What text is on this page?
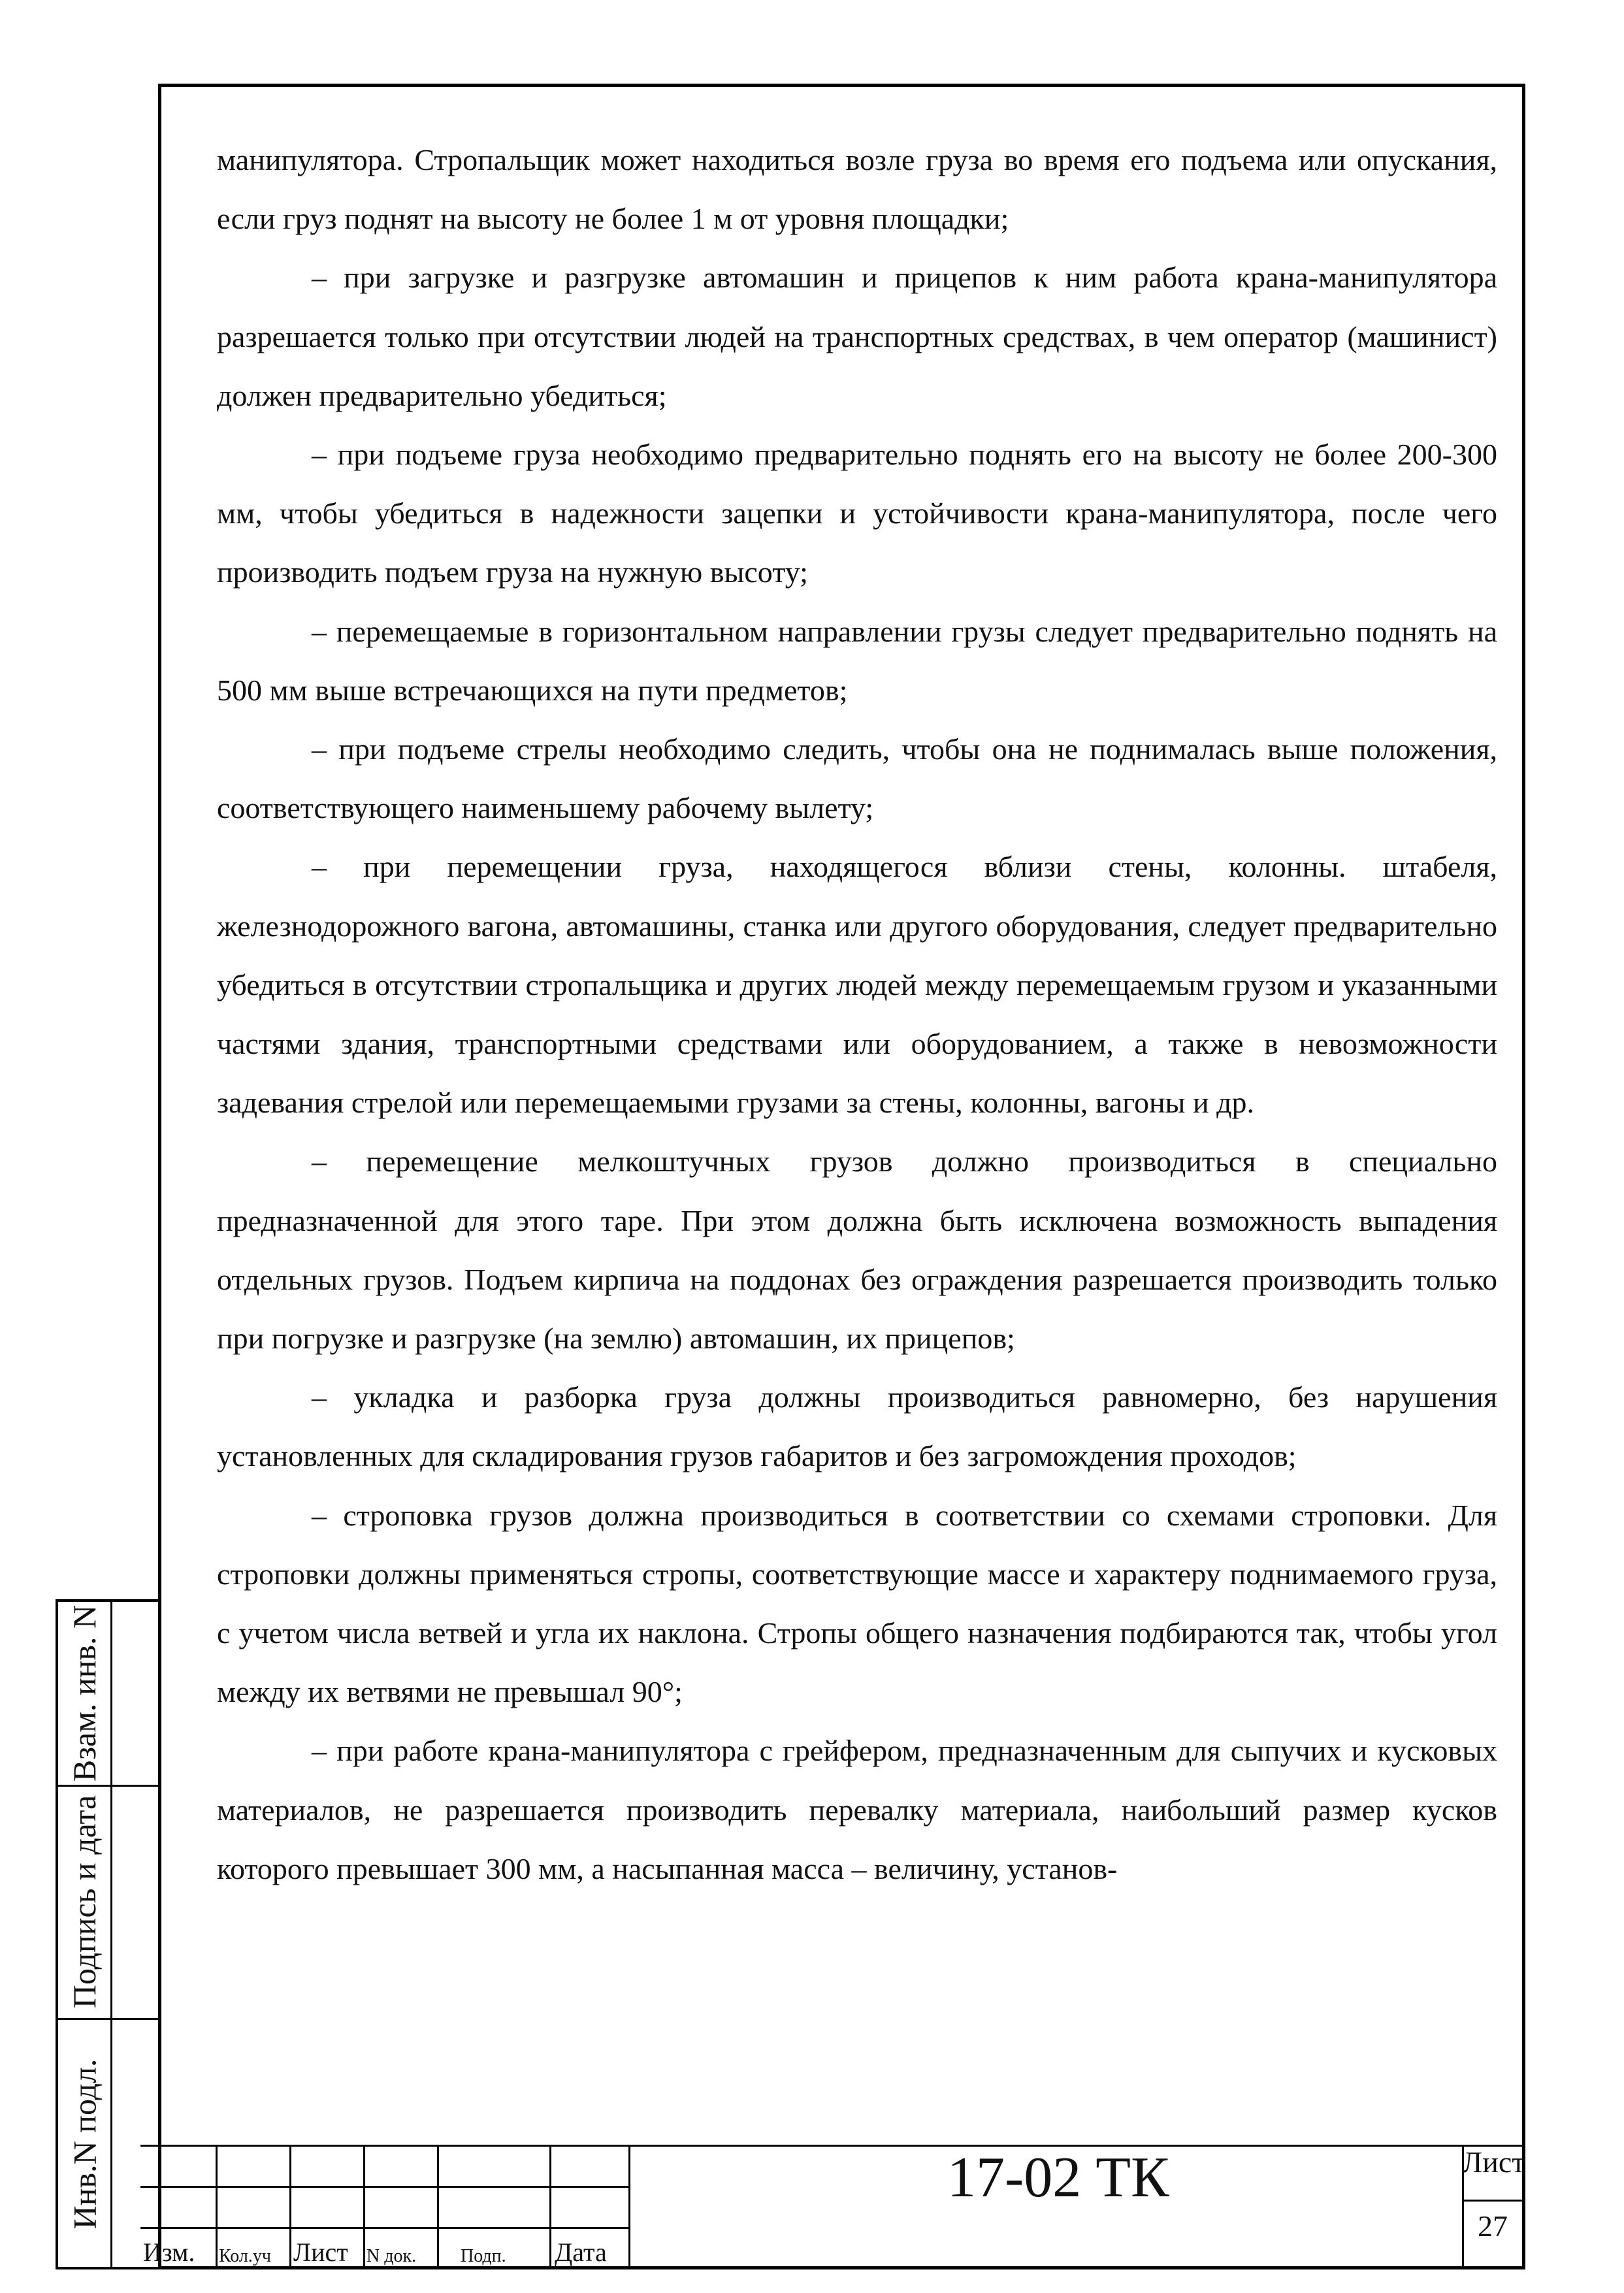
манипулятора. Стропальщик может находиться возле груза во время его подъема или опускания, если груз поднят на высоту не более 1 м от уровня площадки;

– при загрузке и разгрузке автомашин и прицепов к ним работа крана-манипулятора разрешается только при отсутствии людей на транспортных средствах, в чем оператор (машинист) должен предварительно убедиться;

– при подъеме груза необходимо предварительно поднять его на высоту не более 200-300 мм, чтобы убедиться в надежности зацепки и устойчивости крана-манипулятора, после чего производить подъем груза на нужную высоту;

– перемещаемые в горизонтальном направлении грузы следует предварительно поднять на 500 мм выше встречающихся на пути предметов;

– при подъеме стрелы необходимо следить, чтобы она не поднималась выше положения, соответствующего наименьшему рабочему вылету;

– при перемещении груза, находящегося вблизи стены, колонны. штабеля, железнодорожного вагона, автомашины, станка или другого оборудования, следует предварительно убедиться в отсутствии стропальщика и других людей между перемещаемым грузом и указанными частями здания, транспортными средствами или оборудованием, а также в невозможности задевания стрелой или перемещаемыми грузами за стены, колонны, вагоны и др.

– перемещение мелкоштучных грузов должно производиться в специально предназначенной для этого таре. При этом должна быть исключена возможность выпадения отдельных грузов. Подъем кирпича на поддонах без ограждения разрешается производить только при погрузке и разгрузке (на землю) автомашин, их прицепов;

– укладка и разборка груза должны производиться равномерно, без нарушения установленных для складирования грузов габаритов и без загромождения проходов;

– строповка грузов должна производиться в соответствии со схемами строповки. Для строповки должны применяться стропы, соответствующие массе и характеру поднимаемого груза, с учетом числа ветвей и угла их наклона. Стропы общего назначения подбираются так, чтобы угол между их ветвями не превышал 90°;

– при работе крана-манипулятора с грейфером, предназначенным для сыпучих и кусковых материалов, не разрешается производить перевалку материала, наибольший размер кусков которого превышает 300 мм, а насыпанная масса – величину, установ-

Взам. инв. N
Подпись и дата
Инв.N подл.
Изм. Кол.уч Лист N док. Подп. Дата
17-02 ТК	Лист
27
